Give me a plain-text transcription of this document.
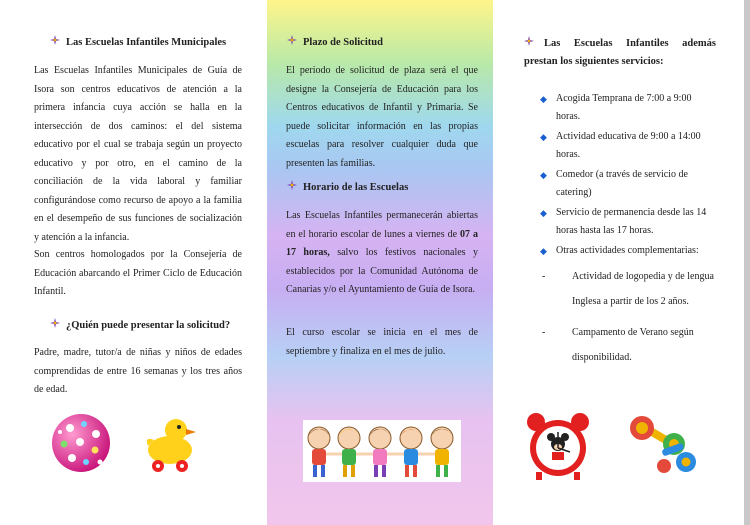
Las Escuelas Infantiles Municipales
Las Escuelas Infantiles Municipales de Guía de Isora son centros educativos de atención a la primera infancia cuya acción se halla en la intersección de dos caminos: el del sistema educativo por el cual se trabaja según un proyecto educativo y por otro, en el camino de la conciliación de la vida laboral y familiar configurándose como recurso de apoyo a la familia en el desempeño de sus funciones de socialización y atención a la infancia.
Son centros homologados por la Consejería de Educación abarcando el Primer Ciclo de Educación Infantil.
¿Quién puede presentar la solicitud?
Padre, madre, tutor/a de niñas y niños de edades comprendidas de entre 16 semanas y los tres años de edad.
Plazo de Solicitud
El periodo de solicitud de plaza será el que designe la Consejería de Educación para los Centros educativos de Infantil y Primaria. Se puede solicitar información en las propias escuelas para resolver cualquier duda que presenten las familias.
Horario de las Escuelas
Las Escuelas Infantiles permanecerán abiertas en el horario escolar de lunes a viernes de 07 a 17 horas, salvo los festivos nacionales y establecidos por la Comunidad Autónoma de Canarias y/o el Ayuntamiento de Guía de Isora.
El curso escolar se inicia en el mes de septiembre y finaliza en el mes de julio.
Las Escuelas Infantiles además prestan los siguientes servicios:
◆ Acogida Temprana de 7:00 a 9:00 horas.
◆ Actividad educativa de 9:00 a 14:00 horas.
◆ Comedor (a través de servicio de catering)
◆ Servicio de permanencia desde las 14 horas hasta las 17 horas.
◆ Otras actividades complementarias:
-	Actividad de logopedia y de lengua Inglesa a partir de los 2 años.
-	Campamento de Verano según disponibilidad.
